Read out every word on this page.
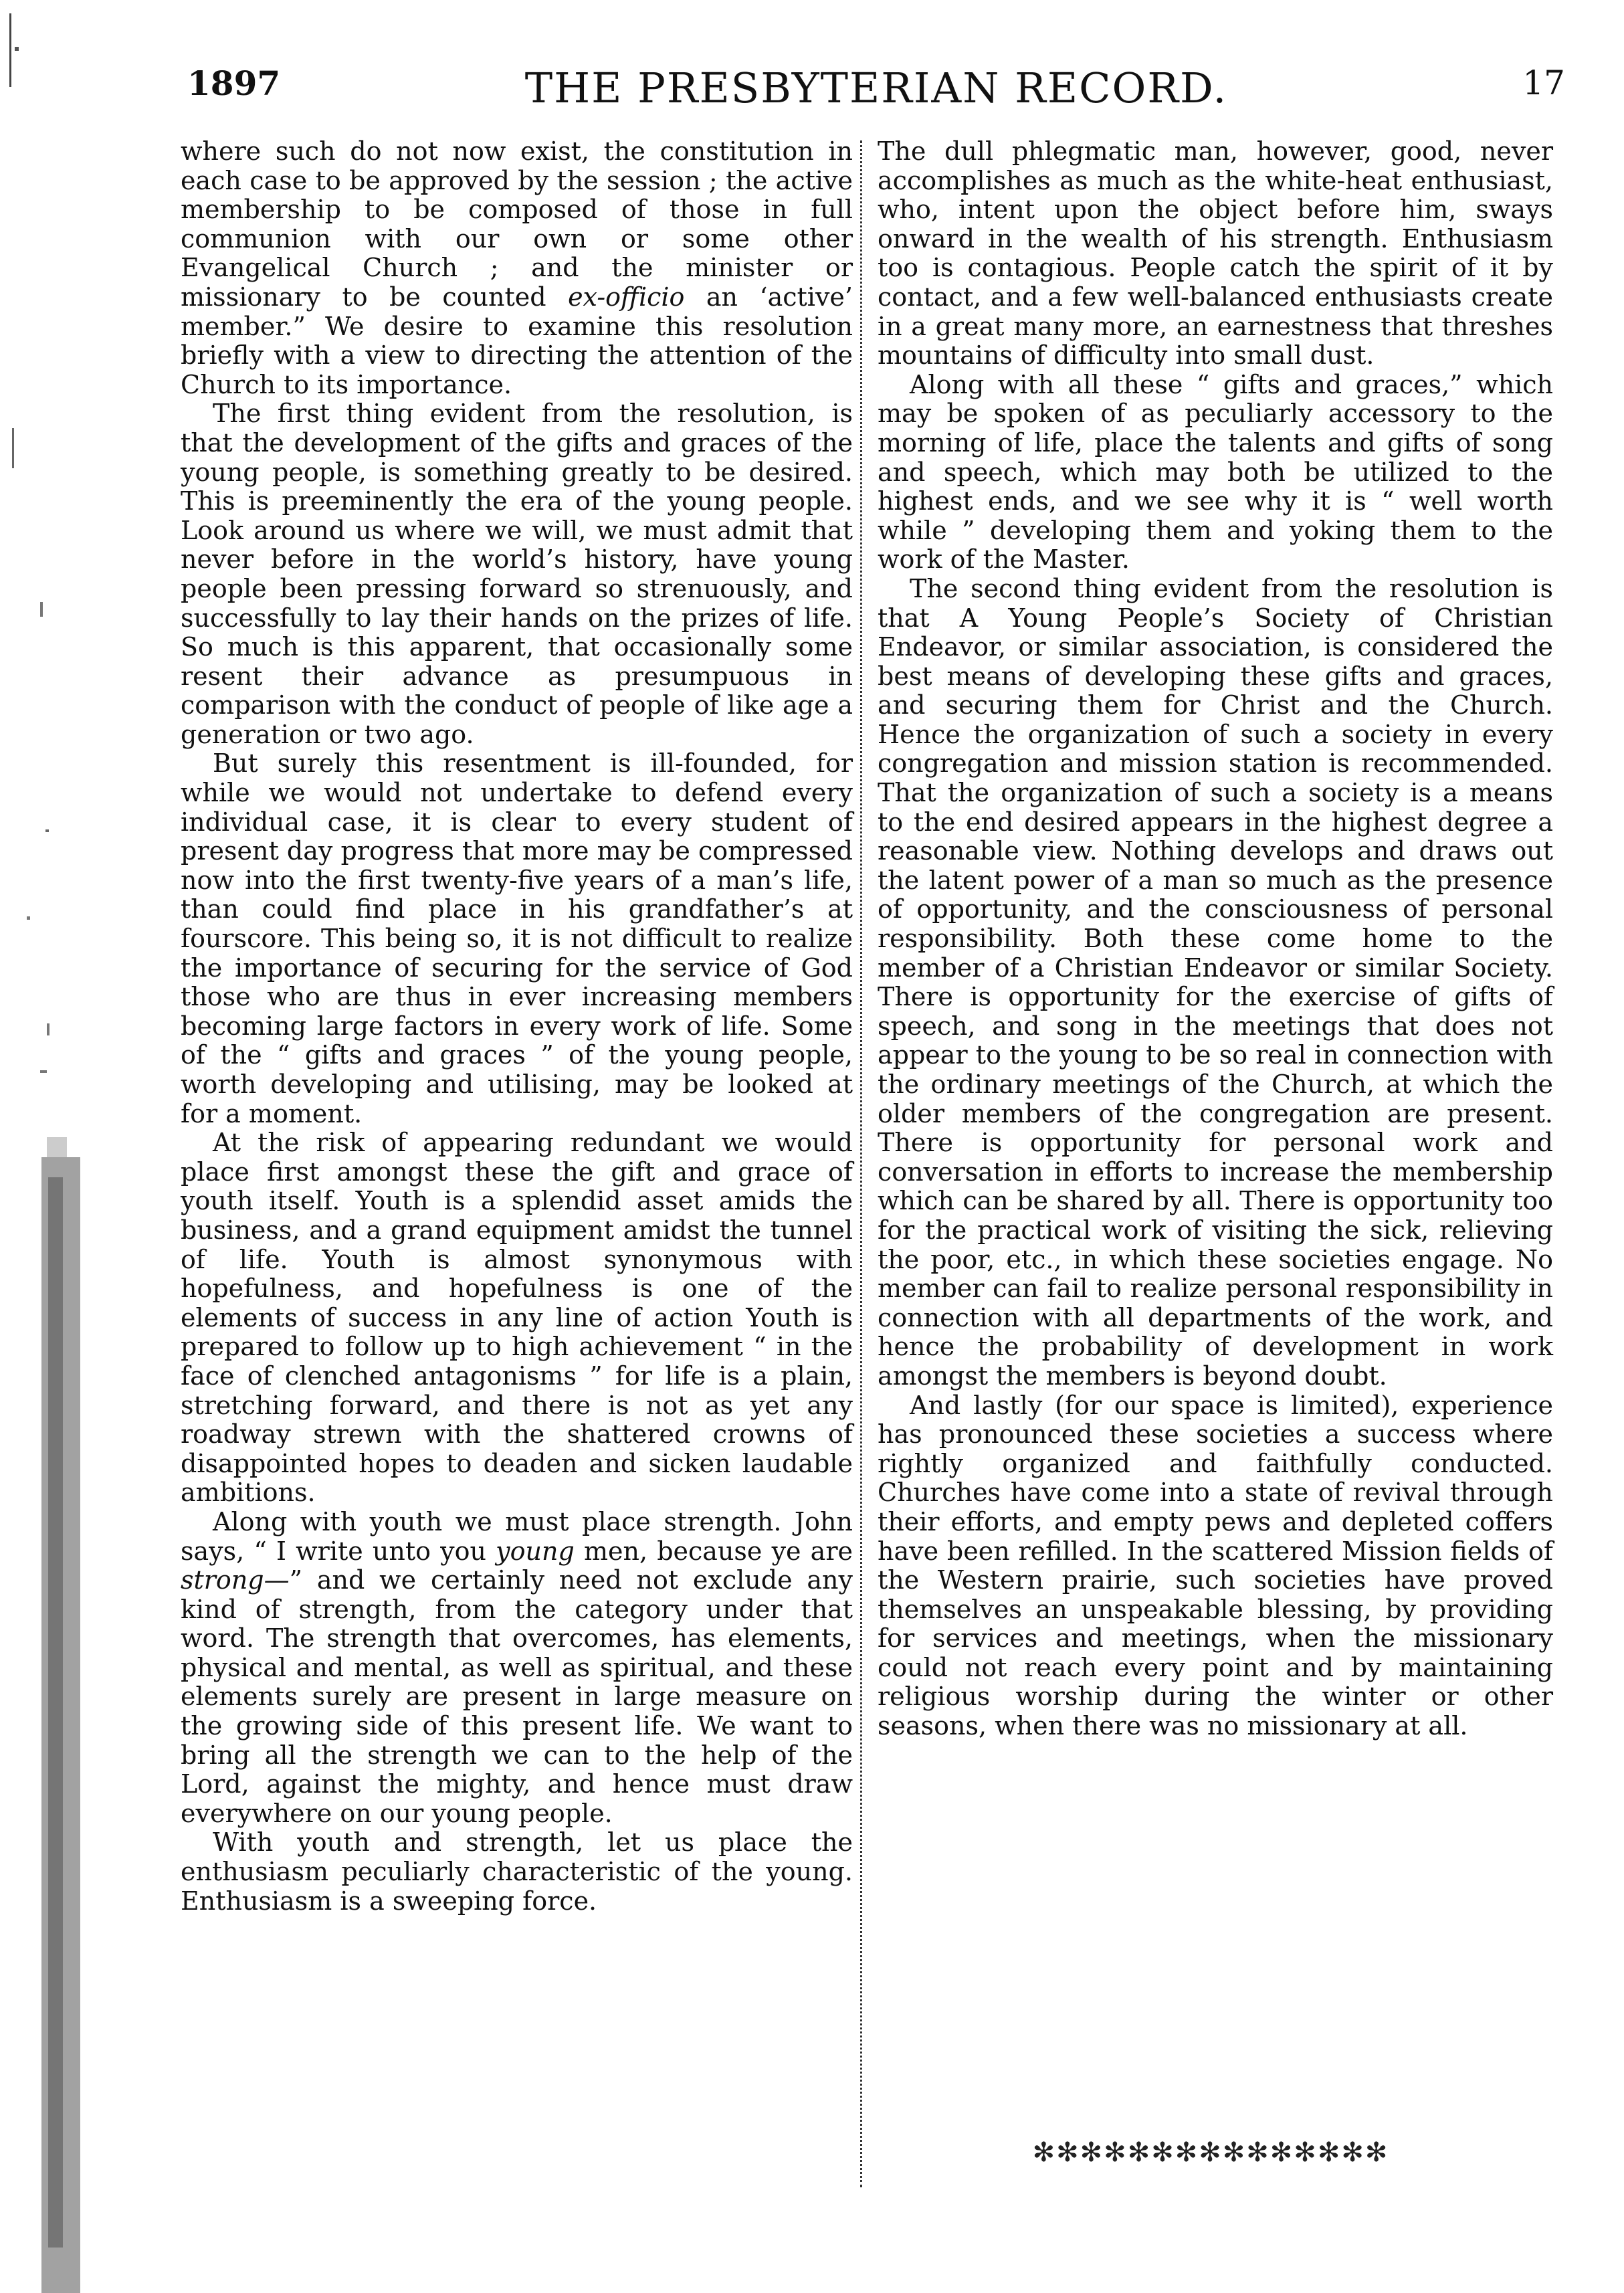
1897	THE PRESBYTERIAN RECORD.	17

where such do not now exist, the constitution in each case to be approved by the session ; the active membership to be composed of those in full communion with our own or some other Evangelical Church ; and the minister or missionary to be counted ex-officio an ‘active’ member.” We desire to examine this resolution briefly with a view to directing the attention of the Church to its importance.

The first thing evident from the resolution, is that the development of the gifts and graces of the young people, is something greatly to be desired. This is preeminently the era of the young people. Look around us where we will, we must admit that never before in the world’s history, have young people been pressing forward so strenuously, and successfully to lay their hands on the prizes of life. So much is this apparent, that occasionally some resent their advance as presumpuous in comparison with the conduct of people of like age a generation or two ago.

But surely this resentment is ill-founded, for while we would not undertake to defend every individual case, it is clear to every student of present day progress that more may be compressed now into the first twenty-five years of a man’s life, than could find place in his grandfather’s at fourscore. This being so, it is not difficult to realize the importance of securing for the service of God those who are thus in ever increasing members becoming large factors in every work of life. Some of the “ gifts and graces ” of the young people, worth developing and utilising, may be looked at for a moment.

At the risk of appearing redundant we would place first amongst these the gift and grace of youth itself. Youth is a splendid asset amids the business, and a grand equipment amidst the tunnel of life. Youth is almost synonymous with hopefulness, and hopefulness is one of the elements of success in any line of action Youth is prepared to follow up to high achievement “ in the face of clenched antagonisms ” for life is a plain, stretching forward, and there is not as yet any roadway strewn with the shattered crowns of disappointed hopes to deaden and sicken laudable ambitions.

Along with youth we must place strength. John says, “ I write unto you young men, because ye are strong—” and we certainly need not exclude any kind of strength, from the category under that word. The strength that overcomes, has elements, physical and mental, as well as spiritual, and these elements surely are present in large measure on the growing side of this present life. We want to bring all the strength we can to the help of the Lord, against the mighty, and hence must draw everywhere on our young people.

With youth and strength, let us place the enthusiasm peculiarly characteristic of the young. Enthusiasm is a sweeping force.

The dull phlegmatic man, however, good, never accomplishes as much as the white-heat enthusiast, who, intent upon the object before him, sways onward in the wealth of his strength. Enthusiasm too is contagious. People catch the spirit of it by contact, and a few well-balanced enthusiasts create in a great many more, an earnestness that threshes mountains of difficulty into small dust.

Along with all these “ gifts and graces,” which may be spoken of as peculiarly accessory to the morning of life, place the talents and gifts of song and speech, which may both be utilized to the highest ends, and we see why it is “ well worth while ” developing them and yoking them to the work of the Master.

The second thing evident from the resolution is that A Young People’s Society of Christian Endeavor, or similar association, is considered the best means of developing these gifts and graces, and securing them for Christ and the Church. Hence the organization of such a society in every congregation and mission station is recommended. That the organization of such a society is a means to the end desired appears in the highest degree a reasonable view. Nothing develops and draws out the latent power of a man so much as the presence of opportunity, and the consciousness of personal responsibility. Both these come home to the member of a Christian Endeavor or similar Society. There is opportunity for the exercise of gifts of speech, and song in the meetings that does not appear to the young to be so real in connection with the ordinary meetings of the Church, at which the older members of the congregation are present. There is opportunity for personal work and conversation in efforts to increase the membership which can be shared by all. There is opportunity too for the practical work of visiting the sick, relieving the poor, etc., in which these societies engage. No member can fail to realize personal responsibility in connection with all departments of the work, and hence the probability of development in work amongst the members is beyond doubt.

And lastly (for our space is limited), experience has pronounced these societies a success where rightly organized and faithfully conducted. Churches have come into a state of revival through their efforts, and empty pews and depleted coffers have been refilled. In the scattered Mission fields of the Western prairie, such societies have proved themselves an unspeakable blessing, by providing for services and meetings, when the missionary could not reach every point and by maintaining religious worship during the winter or other seasons, when there was no missionary at all.

✻✻✻✻✻✻✻✻✻✻✻✻✻✻✻
